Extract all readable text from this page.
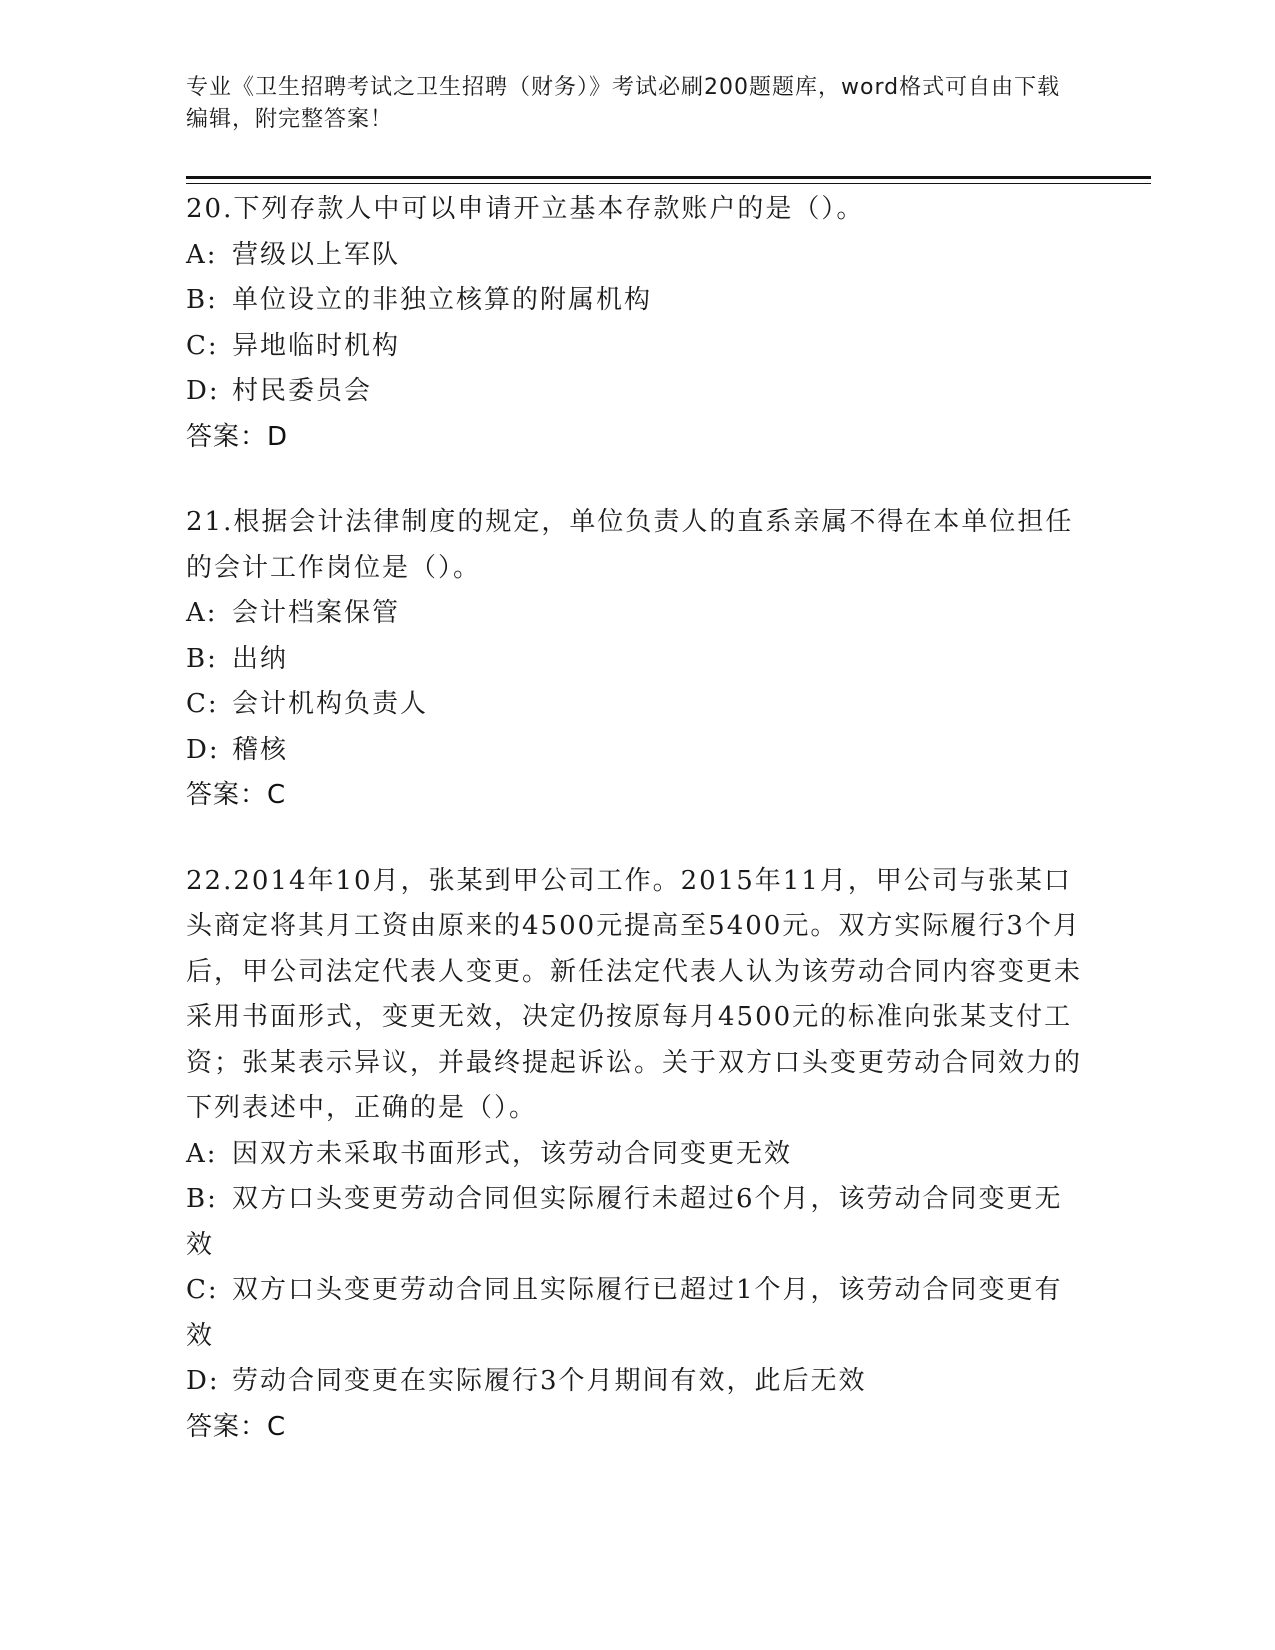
专业《卫生招聘考试之卫生招聘（财务）》考试必刷200题题库，word格式可自由下载编辑，附完整答案！
20.下列存款人中可以申请开立基本存款账户的是（）。
A: 营级以上军队
B: 单位设立的非独立核算的附属机构
C: 异地临时机构
D: 村民委员会
答案：D
21.根据会计法律制度的规定，单位负责人的直系亲属不得在本单位担任的会计工作岗位是（）。
A: 会计档案保管
B: 出纳
C: 会计机构负责人
D: 稽核
答案：C
22.2014年10月，张某到甲公司工作。2015年11月，甲公司与张某口头商定将其月工资由原来的4500元提高至5400元。双方实际履行3个月后，甲公司法定代表人变更。新任法定代表人认为该劳动合同内容变更未采用书面形式，变更无效，决定仍按原每月4500元的标准向张某支付工资；张某表示异议，并最终提起诉讼。关于双方口头变更劳动合同效力的下列表述中，正确的是（）。
A: 因双方未采取书面形式，该劳动合同变更无效
B: 双方口头变更劳动合同但实际履行未超过6个月，该劳动合同变更无效
C: 双方口头变更劳动合同且实际履行已超过1个月，该劳动合同变更有效
D: 劳动合同变更在实际履行3个月期间有效，此后无效
答案：C
